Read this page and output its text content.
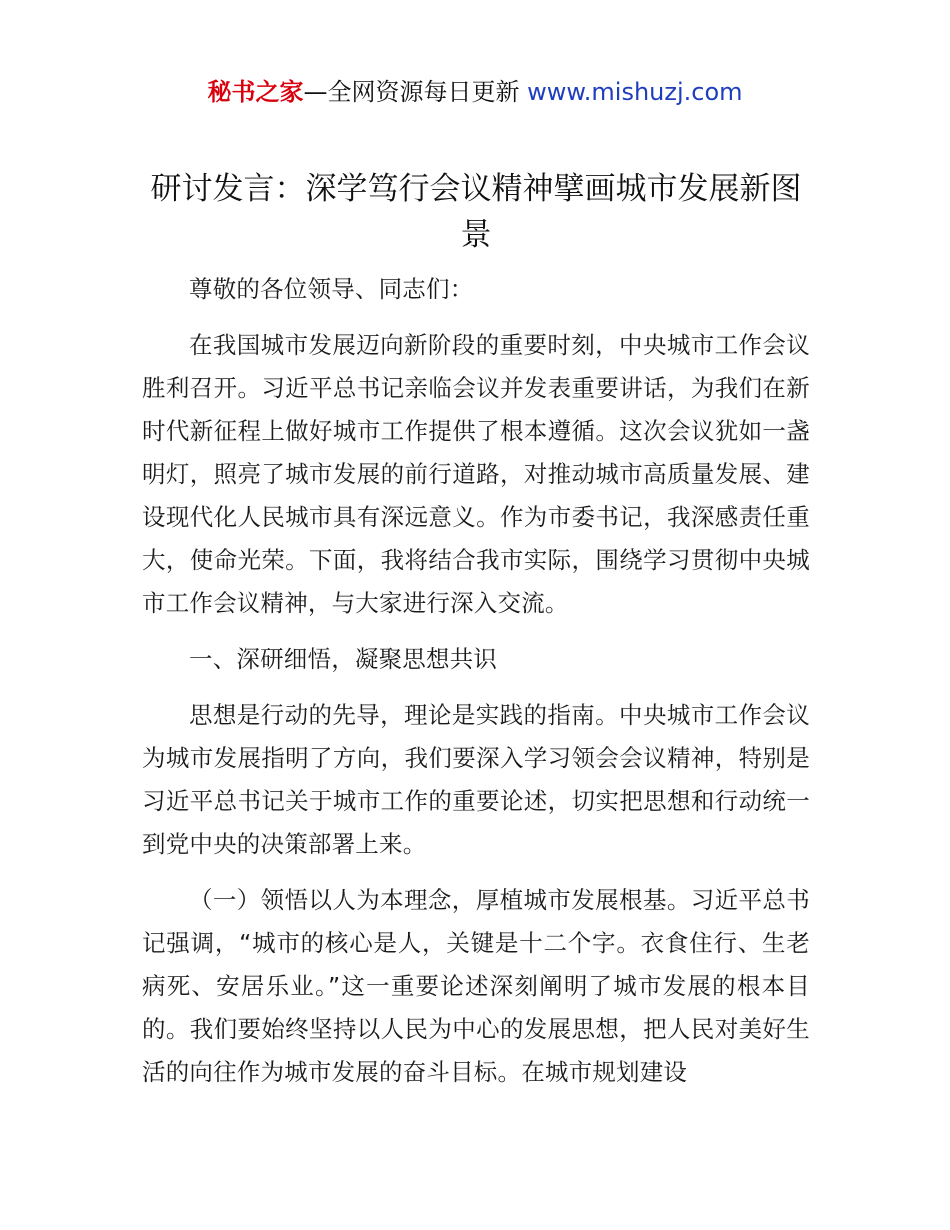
秘书之家—全网资源每日更新 www.mishuzj.com
研讨发言：深学笃行会议精神擘画城市发展新图景

尊敬的各位领导、同志们：

在我国城市发展迈向新阶段的重要时刻，中央城市工作会议胜利召开。习近平总书记亲临会议并发表重要讲话，为我们在新时代新征程上做好城市工作提供了根本遵循。这次会议犹如一盏明灯，照亮了城市发展的前行道路，对推动城市高质量发展、建设现代化人民城市具有深远意义。作为市委书记，我深感责任重大，使命光荣。下面，我将结合我市实际，围绕学习贯彻中央城市工作会议精神，与大家进行深入交流。

一、深研细悟，凝聚思想共识

思想是行动的先导，理论是实践的指南。中央城市工作会议为城市发展指明了方向，我们要深入学习领会会议精神，特别是习近平总书记关于城市工作的重要论述，切实把思想和行动统一到党中央的决策部署上来。

（一）领悟以人为本理念，厚植城市发展根基。习近平总书记强调，“城市的核心是人，关键是十二个字。衣食住行、生老病死、安居乐业。”这一重要论述深刻阐明了城市发展的根本目的。我们要始终坚持以人民为中心的发展思想，把人民对美好生活的向往作为城市发展的奋斗目标。在城市规划建设
